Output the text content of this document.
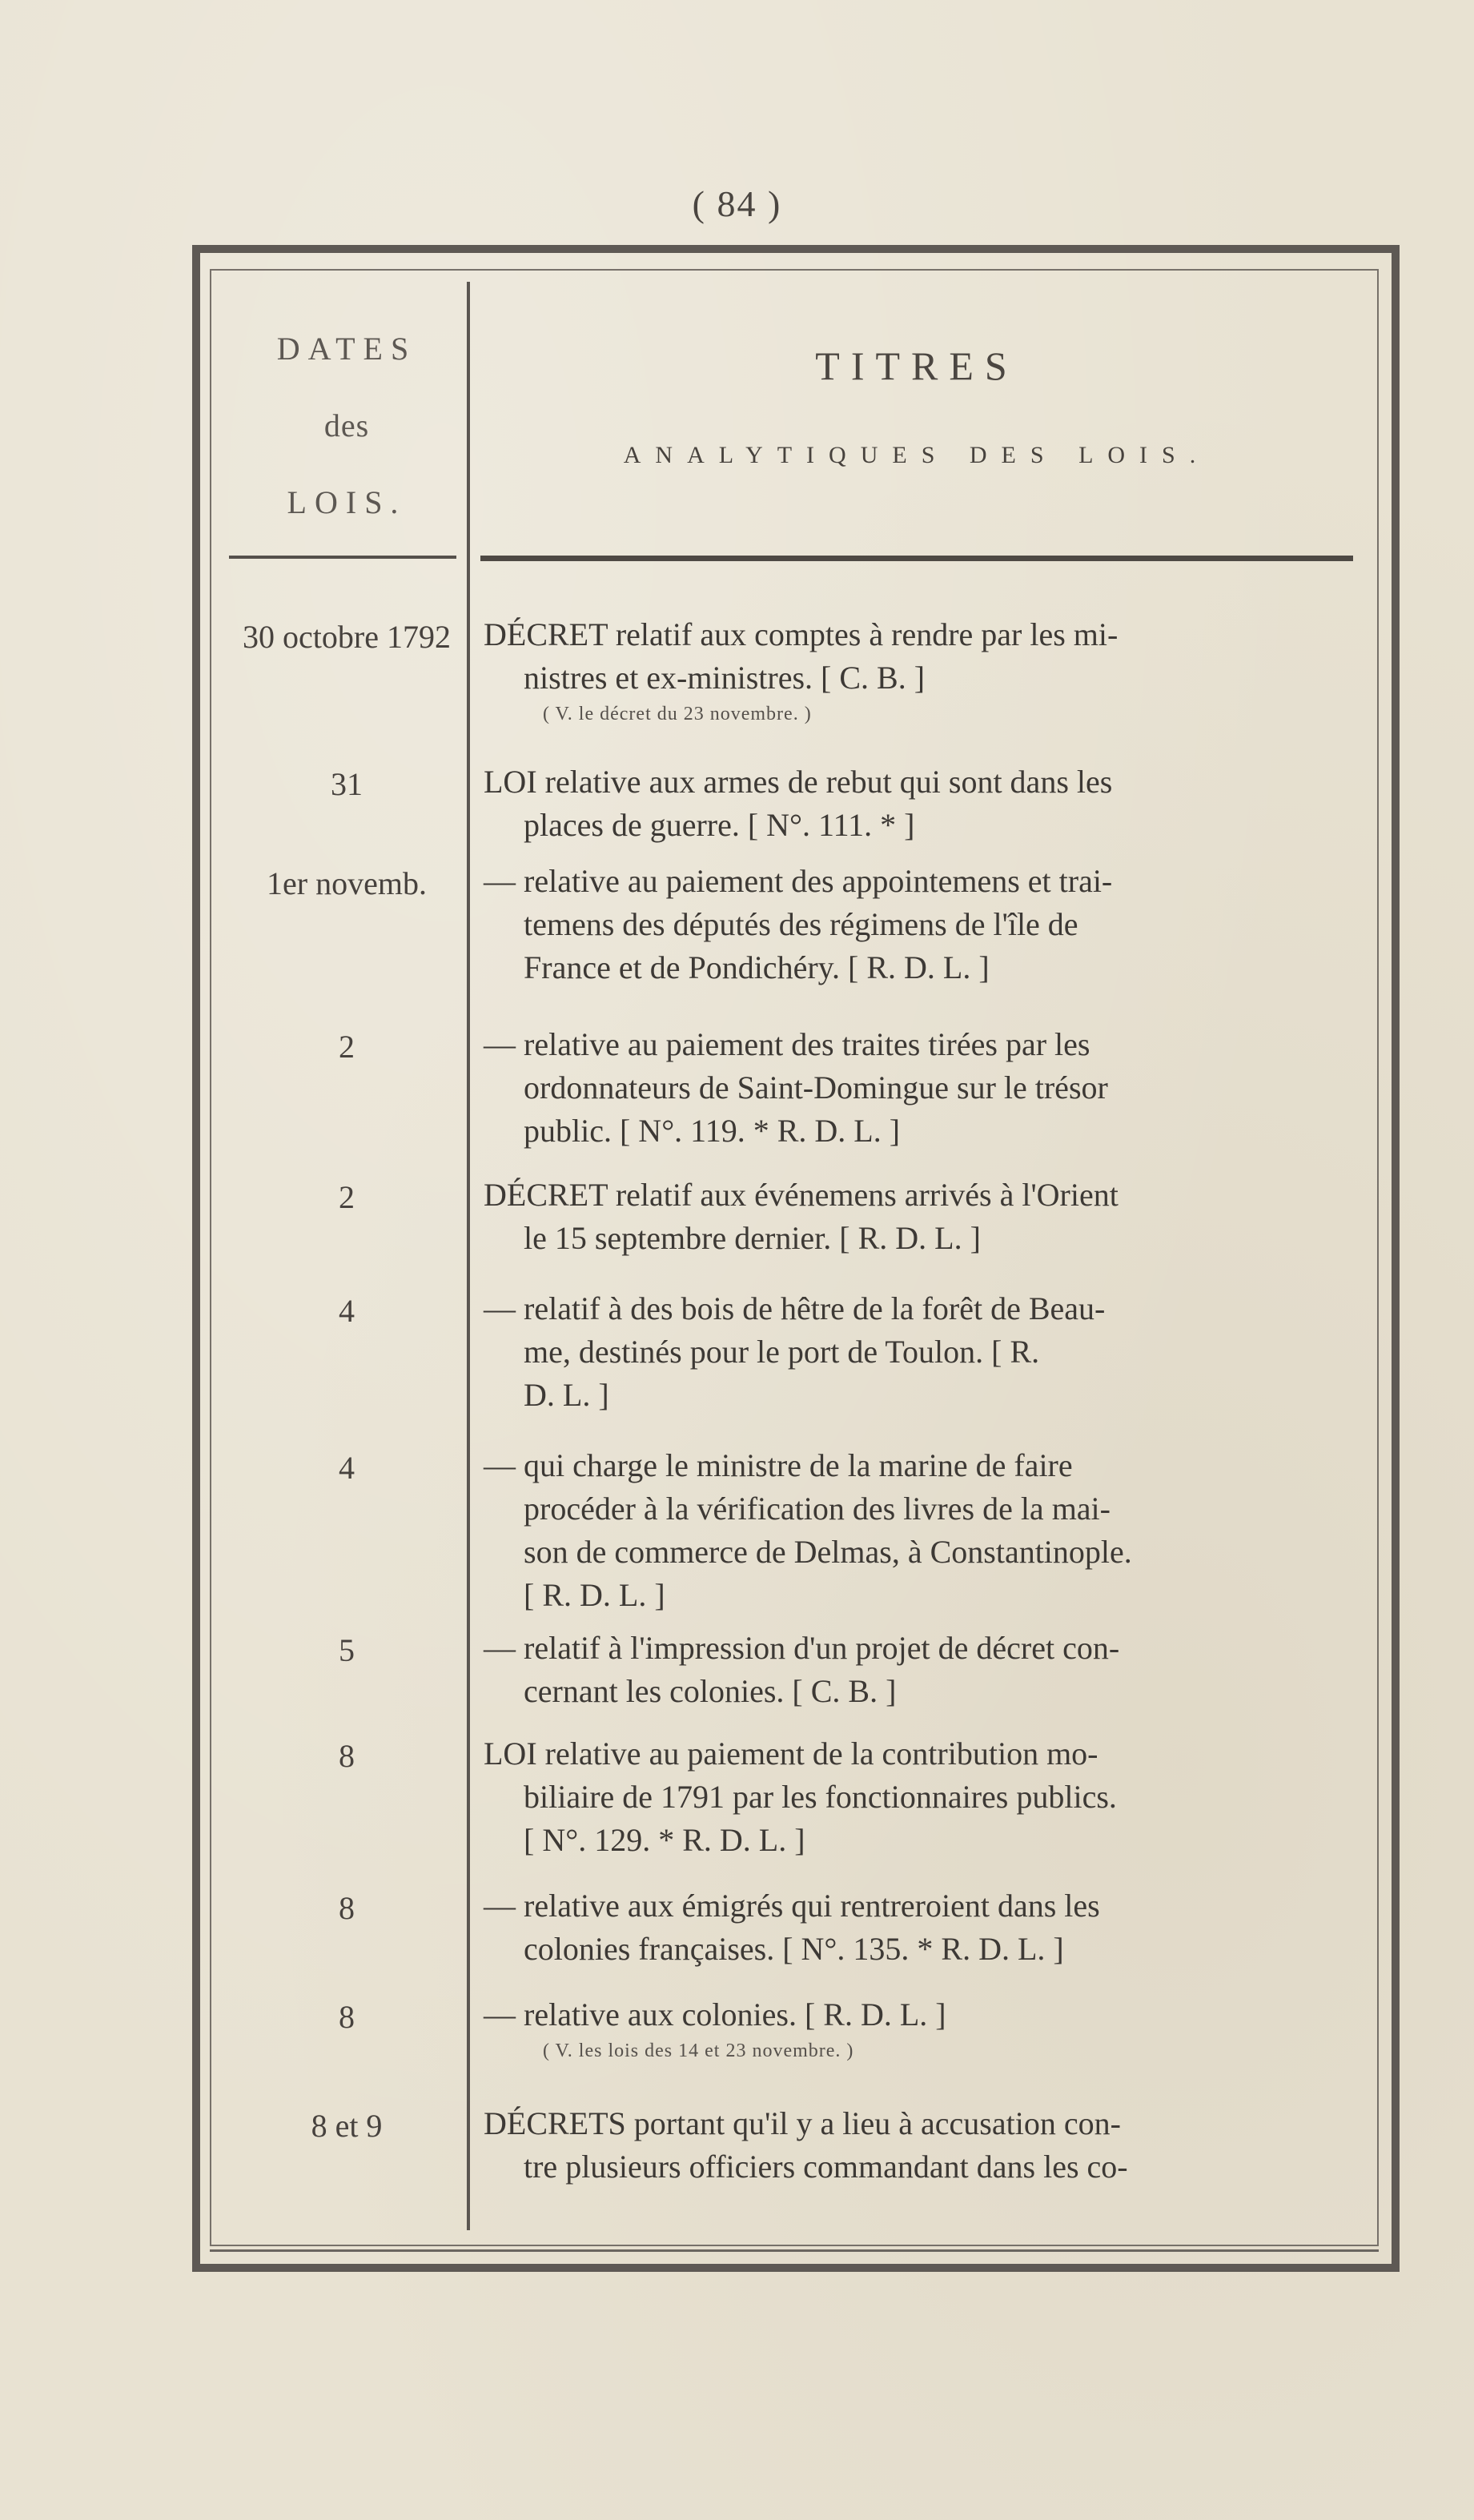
( 84 )
DATES
des
LOIS.
TITRES
ANALYTIQUES DES LOIS.
30 octobre 1792	DÉCRET relatif aux comptes à rendre par les mi-
nistres et ex-ministres. [ C. B. ]
( V. le décret du 23 novembre. )
31	LOI relative aux armes de rebut qui sont dans les
places de guerre. [ N°. 111. * ]
1er novemb.	— relative au paiement des appointemens et trai-
temens des députés des régimens de l'île de
France et de Pondichéry. [ R. D. L. ]
2	— relative au paiement des traites tirées par les
ordonnateurs de Saint-Domingue sur le trésor
public. [ N°. 119. * R. D. L. ]
2	DÉCRET relatif aux événemens arrivés à l'Orient
le 15 septembre dernier. [ R. D. L. ]
4	— relatif à des bois de hêtre de la forêt de Beau-
me, destinés pour le port de Toulon. [ R.
D. L. ]
4	— qui charge le ministre de la marine de faire
procéder à la vérification des livres de la mai-
son de commerce de Delmas, à Constantinople.
[ R. D. L. ]
5	— relatif à l'impression d'un projet de décret con-
cernant les colonies. [ C. B. ]
8	LOI relative au paiement de la contribution mo-
biliaire de 1791 par les fonctionnaires publics.
[ N°. 129. * R. D. L. ]
8	— relative aux émigrés qui rentreroient dans les
colonies françaises. [ N°. 135. * R. D. L. ]
8	— relative aux colonies. [ R. D. L. ]
( V. les lois des 14 et 23 novembre. )
8 et 9	DÉCRETS portant qu'il y a lieu à accusation con-
tre plusieurs officiers commandant dans les co-
